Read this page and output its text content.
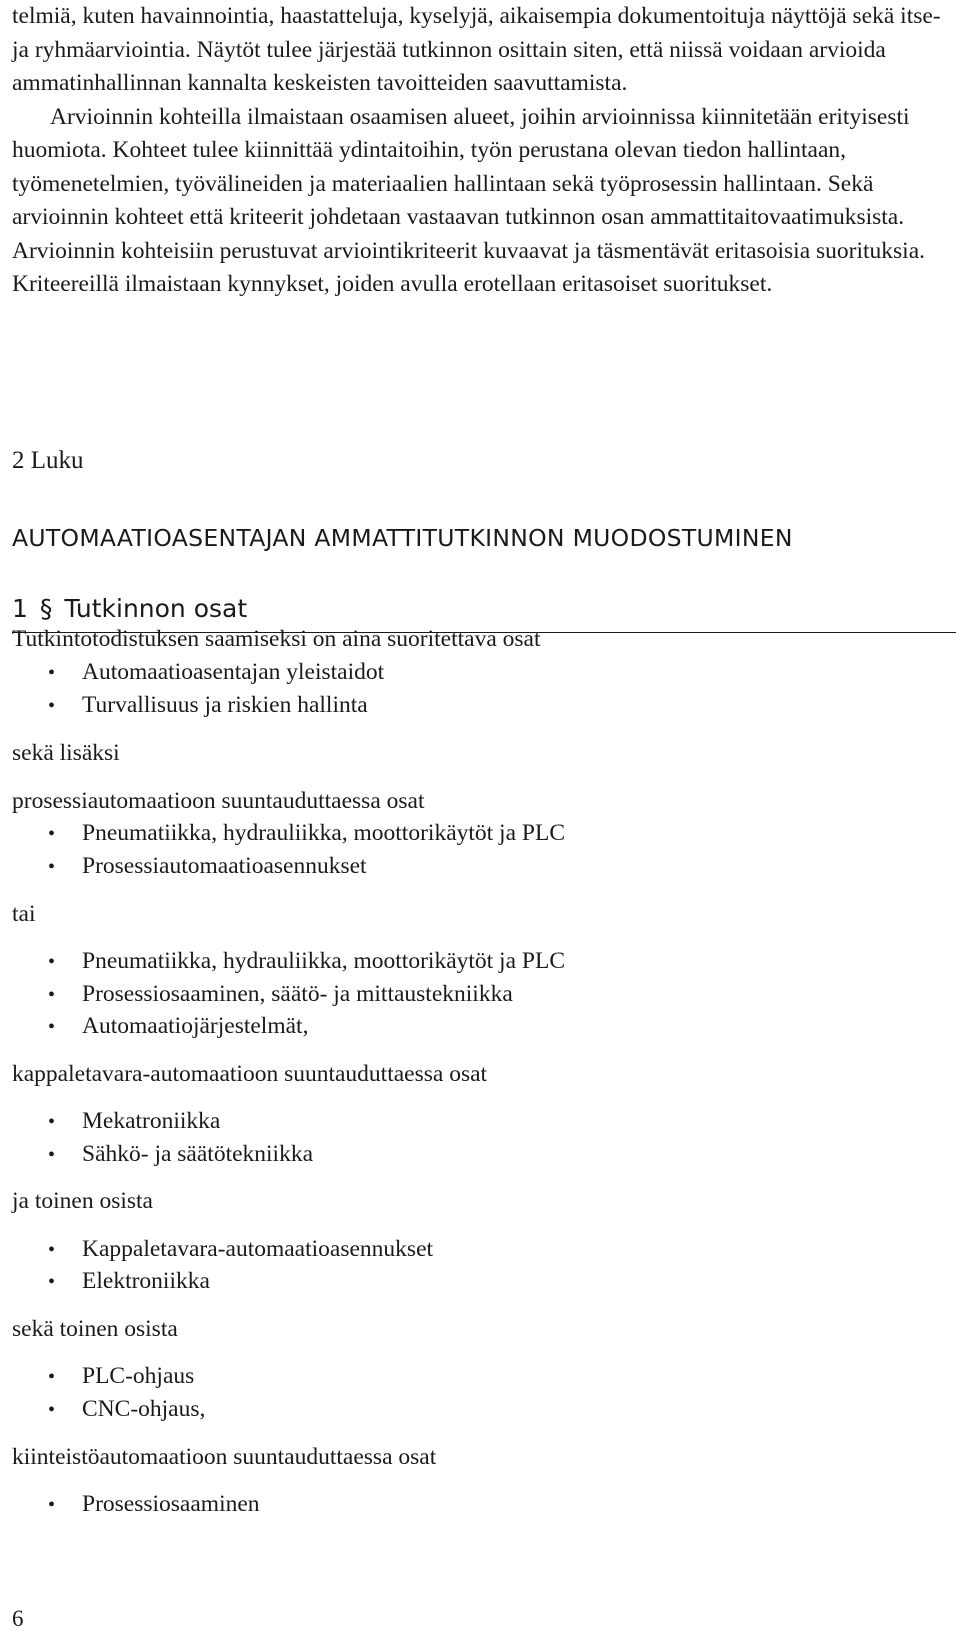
telmiä, kuten havainnointia, haastatteluja, kyselyjä, aikaisempia dokumentoituja näyttöjä sekä itse- ja ryhmäarviointia. Näytöt tulee järjestää tutkinnon osittain siten, että niissä voidaan arvioida ammatinhallinnan kannalta keskeisten tavoitteiden saavuttamista.

Arvioinnin kohteilla ilmaistaan osaamisen alueet, joihin arvioinnissa kiinnitetään erityisesti huomiota. Kohteet tulee kiinnittää ydintaitoihin, työn perustana olevan tiedon hallintaan, työmenetelmien, työvälineiden ja materiaalien hallintaan sekä työprosessin hallintaan. Sekä arvioinnin kohteet että kriteerit johdetaan vastaavan tutkinnon osan ammattitaitovaatimuksista. Arvioinnin kohteisiin perustuvat arviointikriteerit kuvaavat ja täsmentävät eritasoisia suorituksia. Kriteereillä ilmaistaan kynnykset, joiden avulla erotellaan eritasoiset suoritukset.

2 Luku
AUTOMAATIOASENTAJAN AMMATTITUTKINNON MUODOSTUMINEN
1 § Tutkinnon osat
Tutkintotodistuksen saamiseksi on aina suoritettava osat
• Automaatioasentajan yleistaidot
• Turvallisuus ja riskien hallinta
sekä lisäksi
prosessiautomaatioon suuntauduttaessa osat
• Pneumatiikka, hydrauliikka, moottorikäytöt ja PLC
• Prosessiautomaatioasennukset
tai
• Pneumatiikka, hydrauliikka, moottorikäytöt ja PLC
• Prosessiosaaminen, säätö- ja mittaustekniikka
• Automaatiojärjestelmät,
kappaletavara-automaatioon suuntauduttaessa osat
• Mekatroniikka
• Sähkö- ja säätötekniikka
ja toinen osista
• Kappaletavara-automaatioasennukset
• Elektroniikka
sekä toinen osista
• PLC-ohjaus
• CNC-ohjaus,
kiinteistöautomaatioon suuntauduttaessa osat
• Prosessiosaaminen
6
